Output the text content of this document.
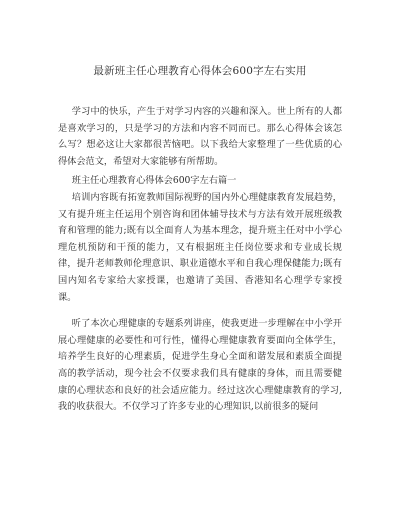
最新班主任心理教育心得体会600字左右实用

学习中的快乐，产生于对学习内容的兴趣和深入。世上所有的人都是喜欢学习的，只是学习的方法和内容不同而已。那么心得体会该怎么写？想必这让大家都很苦恼吧。以下我给大家整理了一些优质的心得体会范文，希望对大家能够有所帮助。

班主任心理教育心得体会600字左右篇一

培训内容既有拓宽教师国际视野的国内外心理健康教育发展趋势，又有提升班主任运用个别咨询和团体辅导技术与方法有效开展班级教育和管理的能力;既有以全面育人为基本理念，提升班主任对中小学心理危机预防和干预的能力，又有根据班主任岗位要求和专业成长规律，提升老师教师伦理意识、职业道德水平和自我心理保健能力;既有国内知名专家给大家授课，也邀请了美国、香港知名心理学专家授课。

听了本次心理健康的专题系列讲座，使我更进一步理解在中小学开展心理健康的必要性和可行性，懂得心理健康教育要面向全体学生，培养学生良好的心理素质，促进学生身心全面和谐发展和素质全面提高的教学活动，现今社会不仅要求我们具有健康的身体，而且需要健康的心理状态和良好的社会适应能力。经过这次心理健康教育的学习,我的收获很大。不仅学习了许多专业的心理知识,以前很多的疑问
